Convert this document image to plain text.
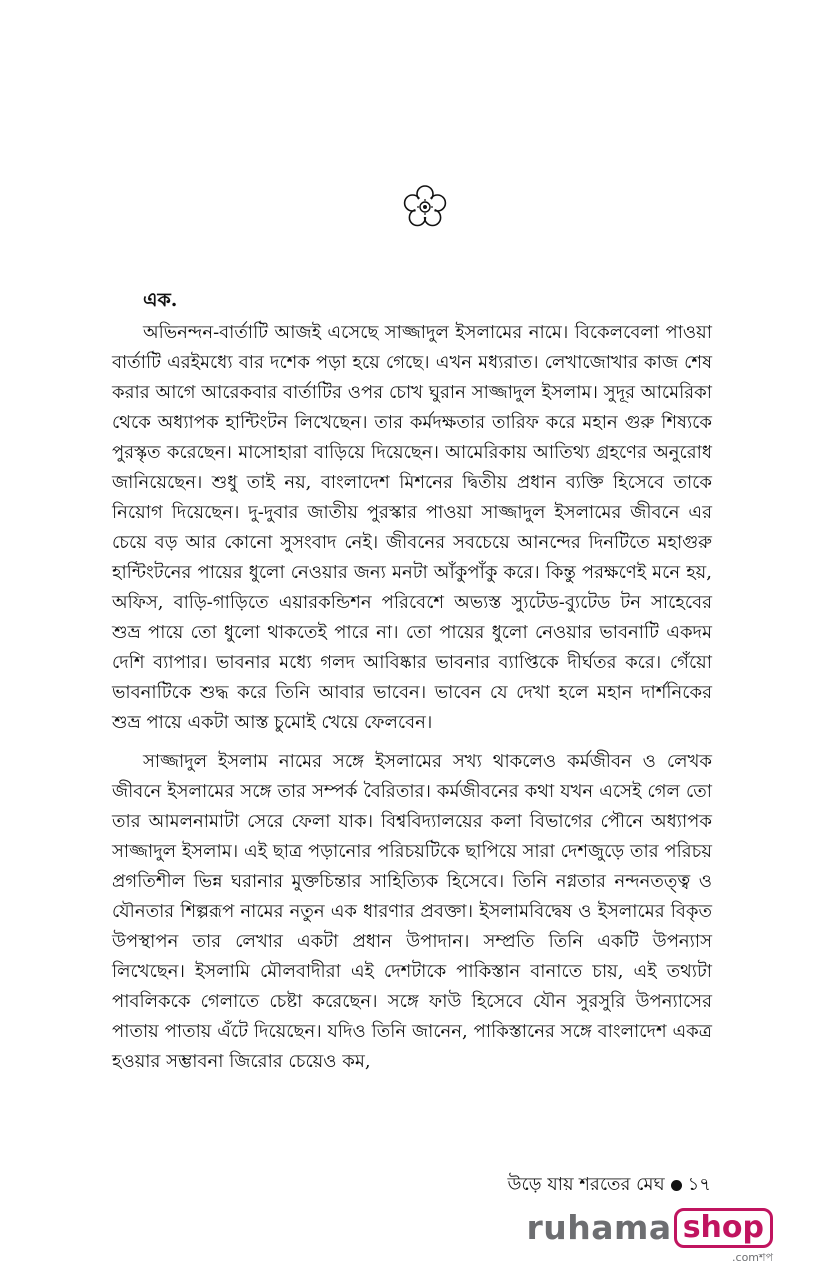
এক.

অভিনন্দন-বার্তাটি আজই এসেছে সাজ্জাদুল ইসলামের নামে। বিকেলবেলা পাওয়া বার্তাটি এরইমধ্যে বার দশেক পড়া হয়ে গেছে। এখন মধ্যরাত। লেখাজোখার কাজ শেষ করার আগে আরেকবার বার্তাটির ওপর চোখ ঘুরান সাজ্জাদুল ইসলাম। সুদূর আমেরিকা থেকে অধ্যাপক হান্টিংটন লিখেছেন। তার কর্মদক্ষতার তারিফ করে মহান গুরু শিষ্যকে পুরস্কৃত করেছেন। মাসোহারা বাড়িয়ে দিয়েছেন। আমেরিকায় আতিথ্য গ্রহণের অনুরোধ জানিয়েছেন। শুধু তাই নয়, বাংলাদেশ মিশনের দ্বিতীয় প্রধান ব্যক্তি হিসেবে তাকে নিয়োগ দিয়েছেন। দু-দুবার জাতীয় পুরস্কার পাওয়া সাজ্জাদুল ইসলামের জীবনে এর চেয়ে বড় আর কোনো সুসংবাদ নেই। জীবনের সবচেয়ে আনন্দের দিনটিতে মহাগুরু হান্টিংটনের পায়ের ধুলো নেওয়ার জন্য মনটা আঁকুপাঁকু করে। কিন্তু পরক্ষণেই মনে হয়, অফিস, বাড়ি-গাড়িতে এয়ারকন্ডিশন পরিবেশে অভ্যস্ত স্যুটেড-ব্যুটেড টন সাহেবের শুভ্র পায়ে তো ধুলো থাকতেই পারে না। তো পায়ের ধুলো নেওয়ার ভাবনাটি একদম দেশি ব্যাপার। ভাবনার মধ্যে গলদ আবিষ্কার ভাবনার ব্যাপ্তিকে দীর্ঘতর করে। গেঁয়ো ভাবনাটিকে শুদ্ধ করে তিনি আবার ভাবেন। ভাবেন যে দেখা হলে মহান দার্শনিকের শুভ্র পায়ে একটা আস্ত চুমোই খেয়ে ফেলবেন।

সাজ্জাদুল ইসলাম নামের সঙ্গে ইসলামের সখ্য থাকলেও কর্মজীবন ও লেখক জীবনে ইসলামের সঙ্গে তার সম্পর্ক বৈরিতার। কর্মজীবনের কথা যখন এসেই গেল তো তার আমলনামাটা সেরে ফেলা যাক। বিশ্ববিদ্যালয়ের কলা বিভাগের পৌনে অধ্যাপক সাজ্জাদুল ইসলাম। এই ছাত্র পড়ানোর পরিচয়টিকে ছাপিয়ে সারা দেশজুড়ে তার পরিচয় প্রগতিশীল ভিন্ন ঘরানার মুক্তচিন্তার সাহিত্যিক হিসেবে। তিনি নগ্নতার নন্দনতত্ত্ব ও যৌনতার শিল্পরূপ নামের নতুন এক ধারণার প্রবক্তা। ইসলামবিদ্বেষ ও ইসলামের বিকৃত উপস্থাপন তার লেখার একটা প্রধান উপাদান। সম্প্রতি তিনি একটি উপন্যাস লিখেছেন। ইসলামি মৌলবাদীরা এই দেশটাকে পাকিস্তান বানাতে চায়, এই তথ্যটা পাবলিককে গেলাতে চেষ্টা করেছেন। সঙ্গে ফাউ হিসেবে যৌন সুরসুরি উপন্যাসের পাতায় পাতায় এঁটে দিয়েছেন। যদিও তিনি জানেন, পাকিস্তানের সঙ্গে বাংলাদেশ একত্র হওয়ার সম্ভাবনা জিরোর চেয়েও কম,

উড়ে যায় শরতের মেঘ ১৭
ruhama shop
.comশপ
